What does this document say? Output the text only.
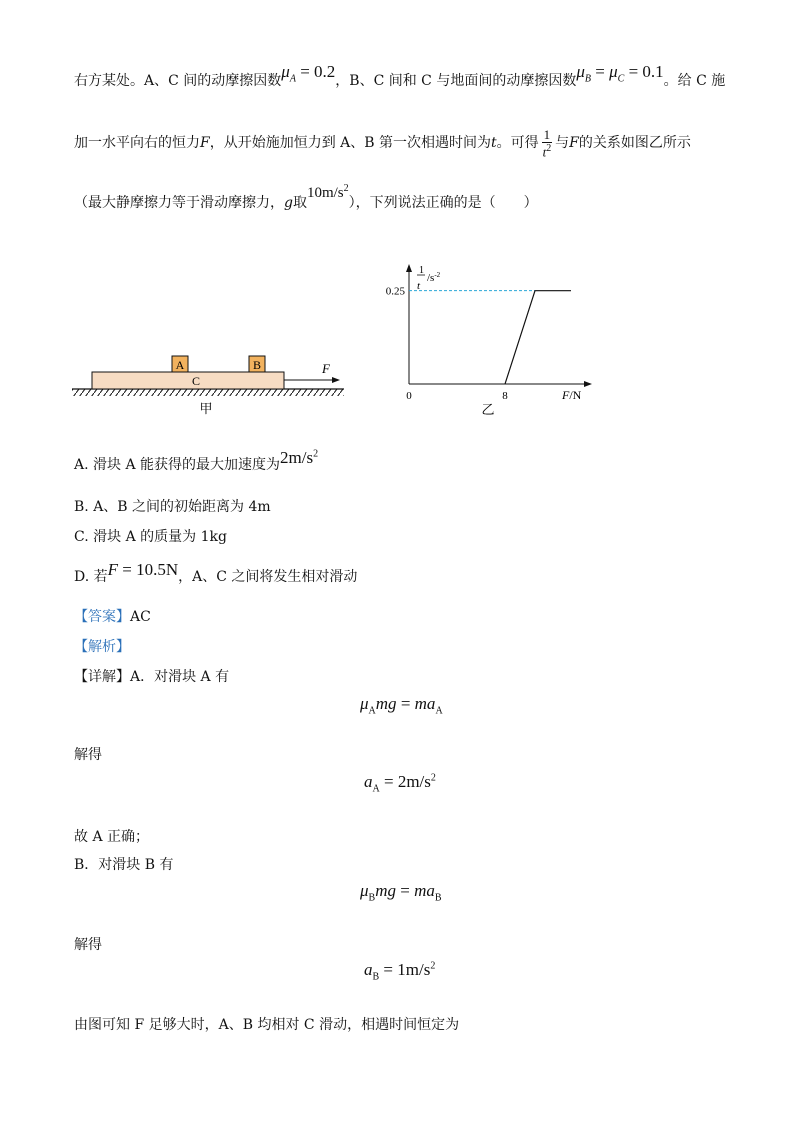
右方某处。A、C 间的动摩擦因数$\mu_A = 0.2$，B、C 间和 C 与地面间的动摩擦因数$\mu_B = \mu_C = 0.1$。给 C 施
加一水平向右的恒力F，从开始施加恒力到 A、B 第一次相遇时间为t。可得 $\frac{1}{t^2}$ 与F的关系如图乙所示
（最大静摩擦力等于滑动摩擦力，g取$10m/s^2$），下列说法正确的是（　　）
A	B
C
F
甲
1
t
$/s^{-2}$
0.25
0	8	F/N
乙
A. 滑块 A 能获得的最大加速度为$2m/s^2$
B. A、B 之间的初始距离为 4m
C. 滑块 A 的质量为 1kg
D. 若F = 10.5N，A、C 之间将发生相对滑动
【答案】AC
【解析】
【详解】A．对滑块 A 有
$\mu_Amg = ma_A$
解得
$a_A = 2m/s^2$
故 A 正确；
B．对滑块 B 有
$\mu_Bmg = ma_B$
解得
$a_B = 1m/s^2$
由图可知 F 足够大时，A、B 均相对 C 滑动，相遇时间恒定为
